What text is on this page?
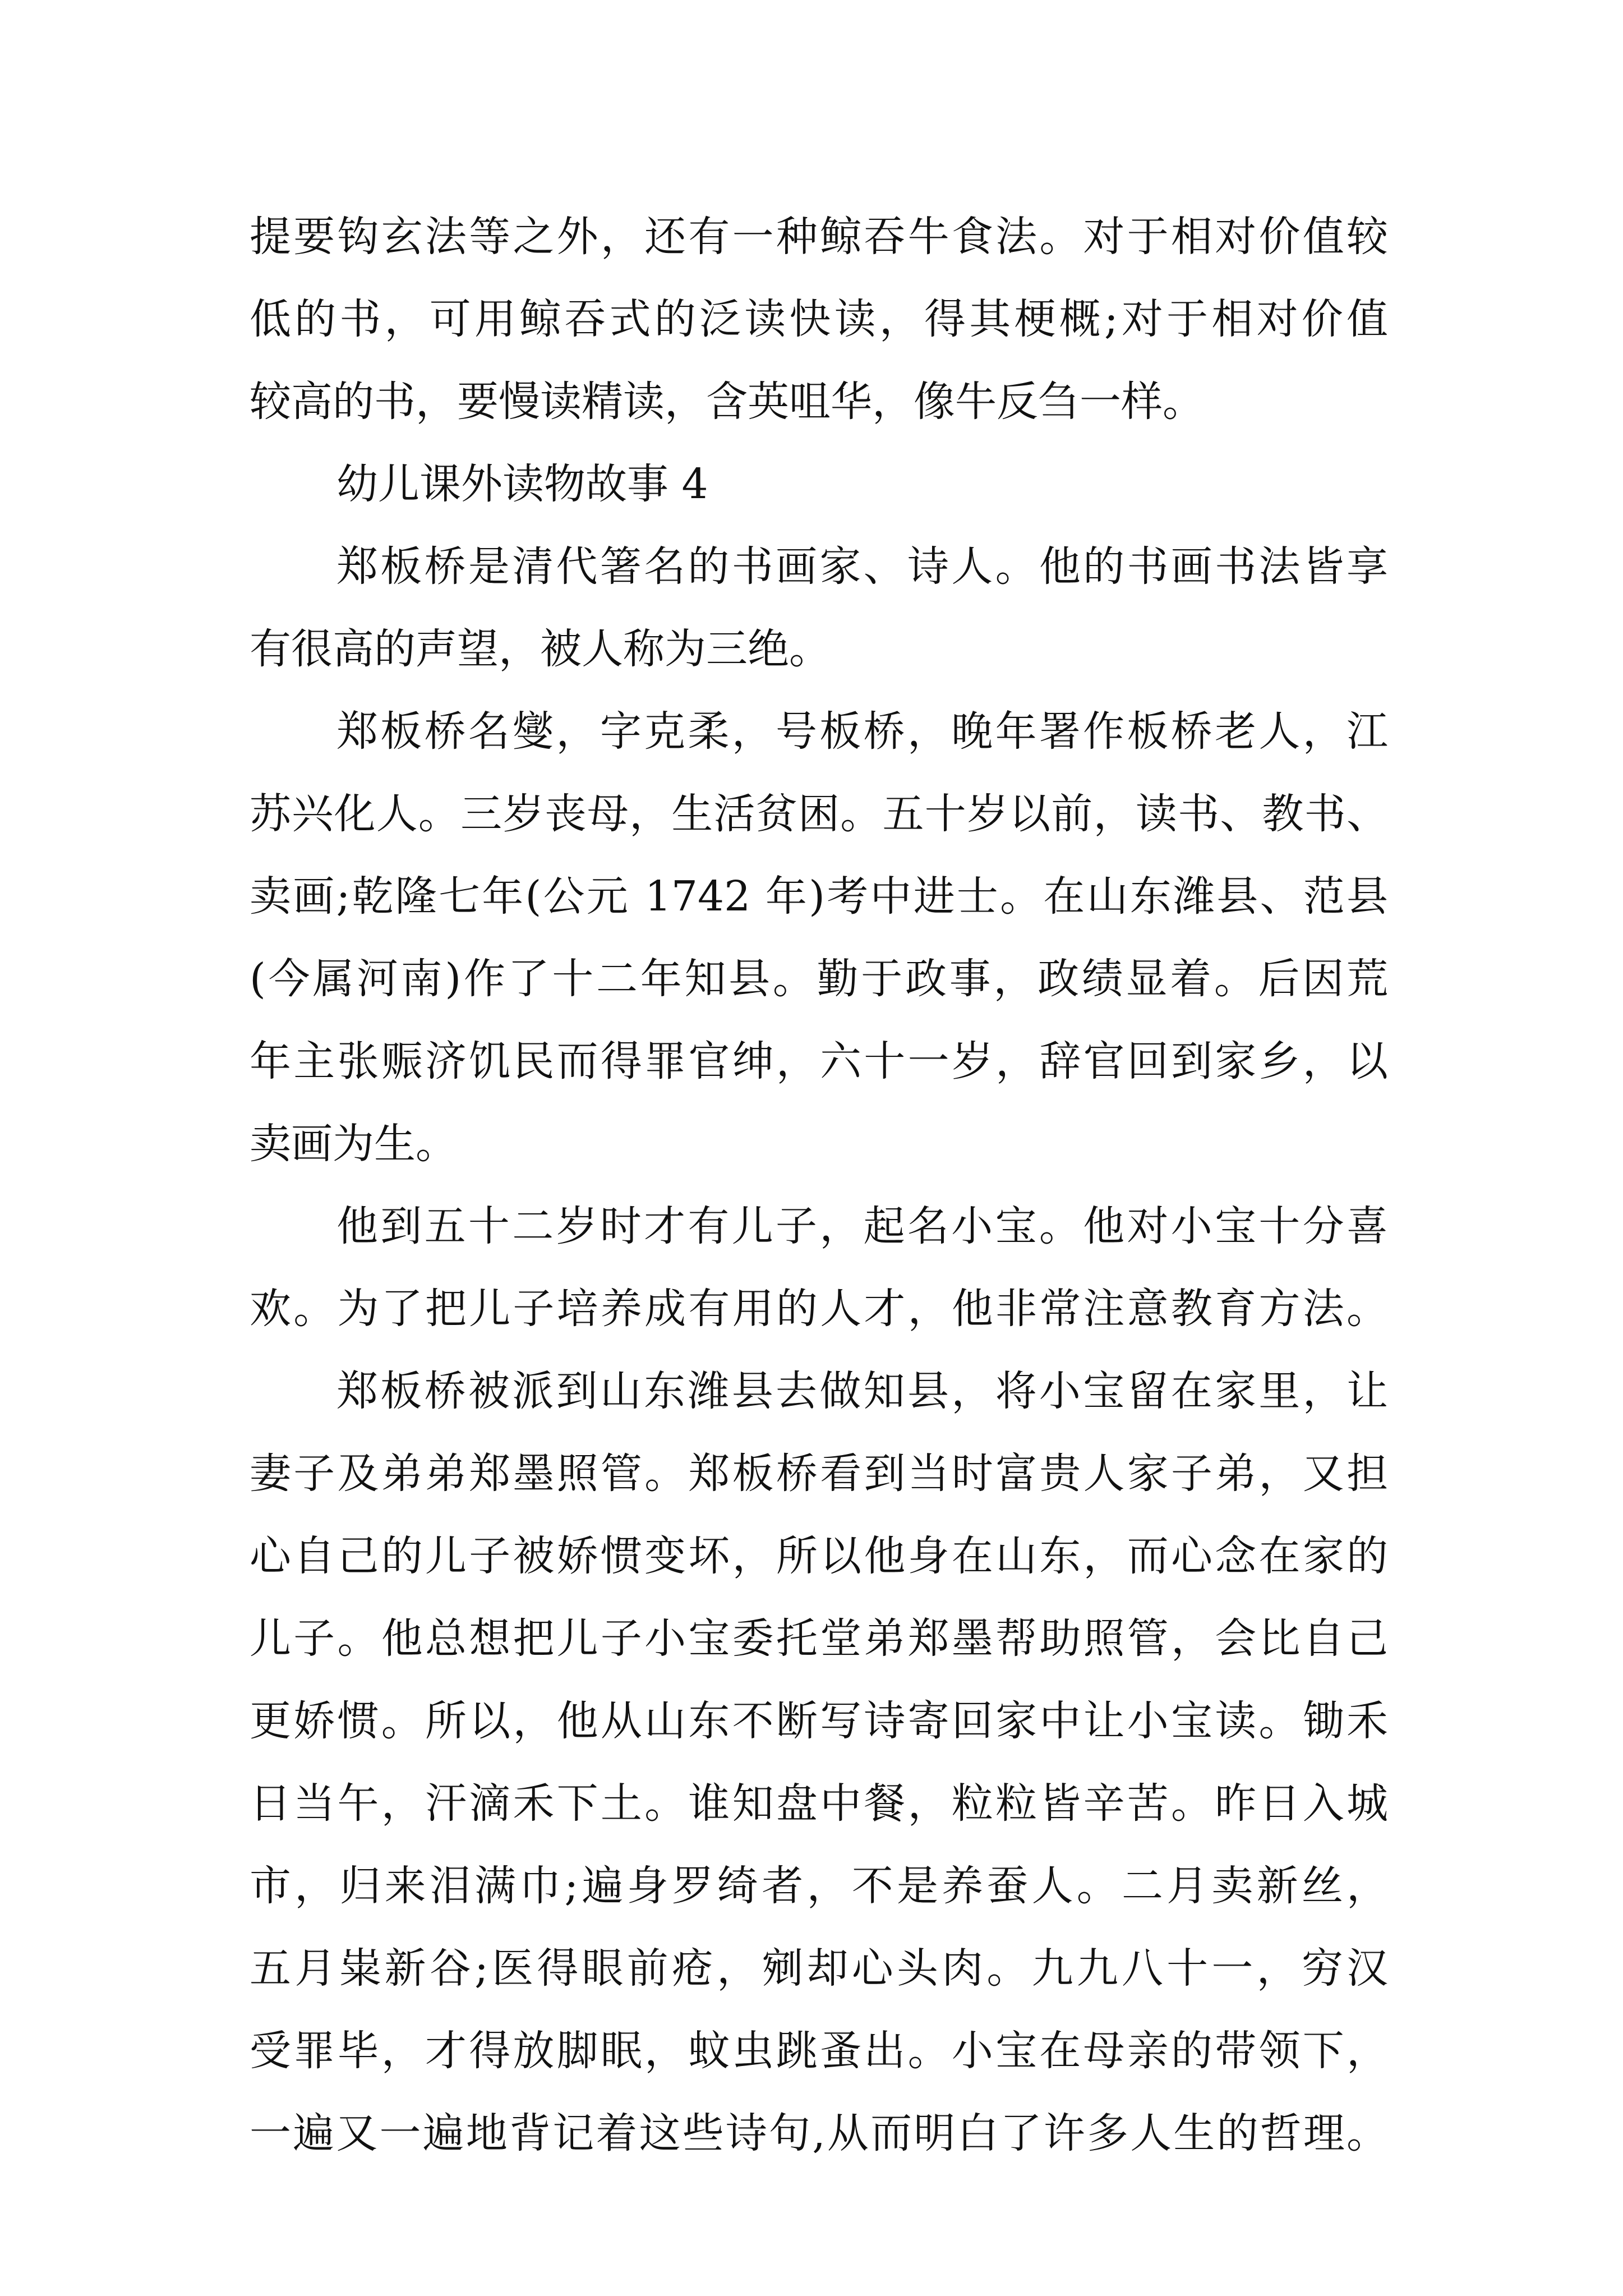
提要钩玄法等之外，还有一种鲸吞牛食法。对于相对价值较
低的书，可用鲸吞式的泛读快读，得其梗概;对于相对价值
较高的书，要慢读精读，含英咀华，像牛反刍一样。
幼儿课外读物故事 4
郑板桥是清代箸名的书画家、诗人。他的书画书法皆享
有很高的声望，被人称为三绝。
郑板桥名燮，字克柔，号板桥，晚年署作板桥老人，江
苏兴化人。三岁丧母，生活贫困。五十岁以前，读书、教书、
卖画;乾隆七年(公元 1742 年)考中进士。在山东潍县、范县
(今属河南)作了十二年知县。勤于政事，政绩显着。后因荒
年主张赈济饥民而得罪官绅，六十一岁，辞官回到家乡，以
卖画为生。
他到五十二岁时才有儿子，起名小宝。他对小宝十分喜
欢。为了把儿子培养成有用的人才，他非常注意教育方法。
郑板桥被派到山东潍县去做知县，将小宝留在家里，让
妻子及弟弟郑墨照管。郑板桥看到当时富贵人家子弟，又担
心自己的儿子被娇惯变坏，所以他身在山东，而心念在家的
儿子。他总想把儿子小宝委托堂弟郑墨帮助照管，会比自己
更娇惯。所以，他从山东不断写诗寄回家中让小宝读。锄禾
日当午，汗滴禾下土。谁知盘中餐，粒粒皆辛苦。昨日入城
市，归来泪满巾;遍身罗绮者，不是养蚕人。二月卖新丝，
五月粜新谷;医得眼前疮，剜却心头肉。九九八十一，穷汉
受罪毕，才得放脚眠，蚊虫跳蚤出。小宝在母亲的带领下，
一遍又一遍地背记着这些诗句,从而明白了许多人生的哲理。
